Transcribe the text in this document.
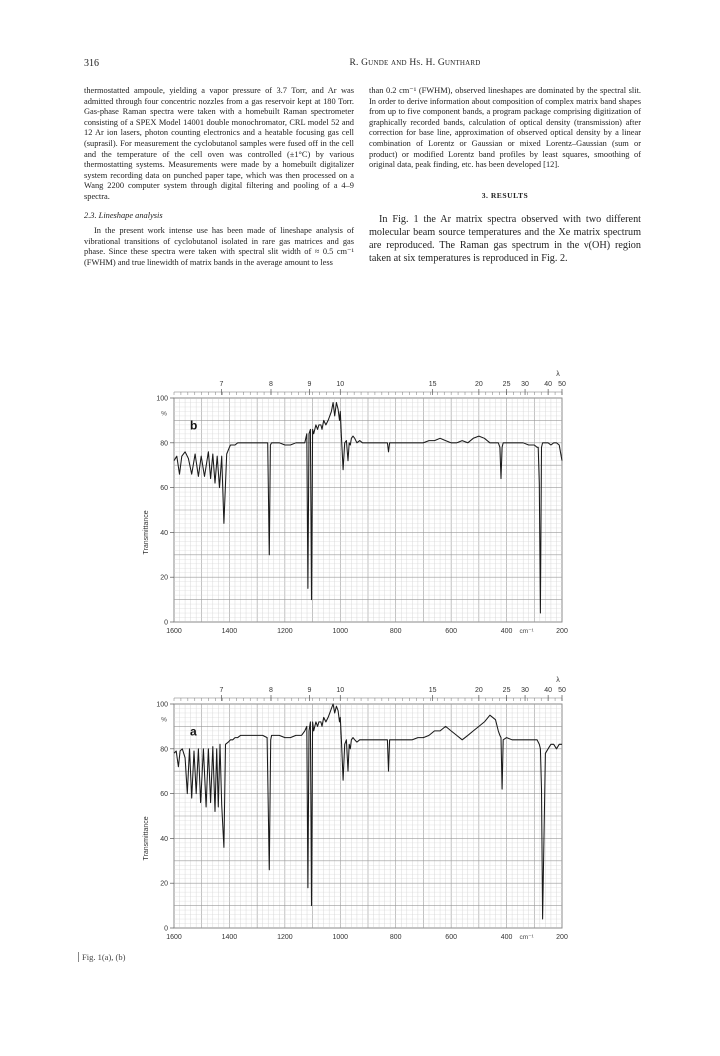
316	R. Gunde and Hs. H. Gunthard

thermostatted ampoule, yielding a vapor pressure of 3.7 Torr, and Ar was admitted through four concentric nozzles from a gas reservoir kept at 180 Torr. Gas-phase Raman spectra were taken with a homebuilt Raman spectrometer consisting of a SPEX Model 14001 double monochromator, CRL model 52 and 12 Ar ion lasers, photon counting electronics and a heatable focusing gas cell (suprasil). For measurement the cyclobutanol samples were fused off in the cell and the temperature of the cell oven was controlled (±1°C) by various thermostatting systems. Measurements were made by a homebuilt digitalizer system recording data on punched paper tape, which was then processed on a Wang 2200 computer system through digital filtering and pooling of a 4–9 spectra.

2.3. Lineshape analysis

In the present work intense use has been made of lineshape analysis of vibrational transitions of cyclobutanol isolated in rare gas matrices and gas phase. Since these spectra were taken with spectral slit width of ≈ 0.5 cm⁻¹ (FWHM) and true linewidth of matrix bands in the average amount to less

than 0.2 cm⁻¹ (FWHM), observed lineshapes are dominated by the spectral slit. In order to derive information about composition of complex matrix band shapes from up to five component bands, a program package comprising digitization of graphically recorded bands, calculation of optical density (transmission) after correction for base line, approximation of observed optical density by a linear combination of Lorentz or Gaussian or mixed Lorentz–Gaussian (sum or product) or modified Lorentz band profiles by least squares, smoothing of original data, peak finding, etc. has been developed [12].

3. RESULTS

In Fig. 1 the Ar matrix spectra observed with two different molecular beam source temperatures and the Xe matrix spectrum are reproduced. The Raman gas spectrum in the ν(OH) region taken at six temperatures is reproduced in Fig. 2.

1600	1400	1200	1000	800	600	400	200
cm⁻¹
0
20
40
60
80
100
%
Transmittance
7	8	9	10	15	20	25 30 40 50
λ
b
1600	1400	1200	1000	800	600	400	200
cm⁻¹
0
20
40
60
80
100
%
Transmittance
7	8	9	10	15	20	25 30 40 50
λ
a
Fig. 1(a), (b)
